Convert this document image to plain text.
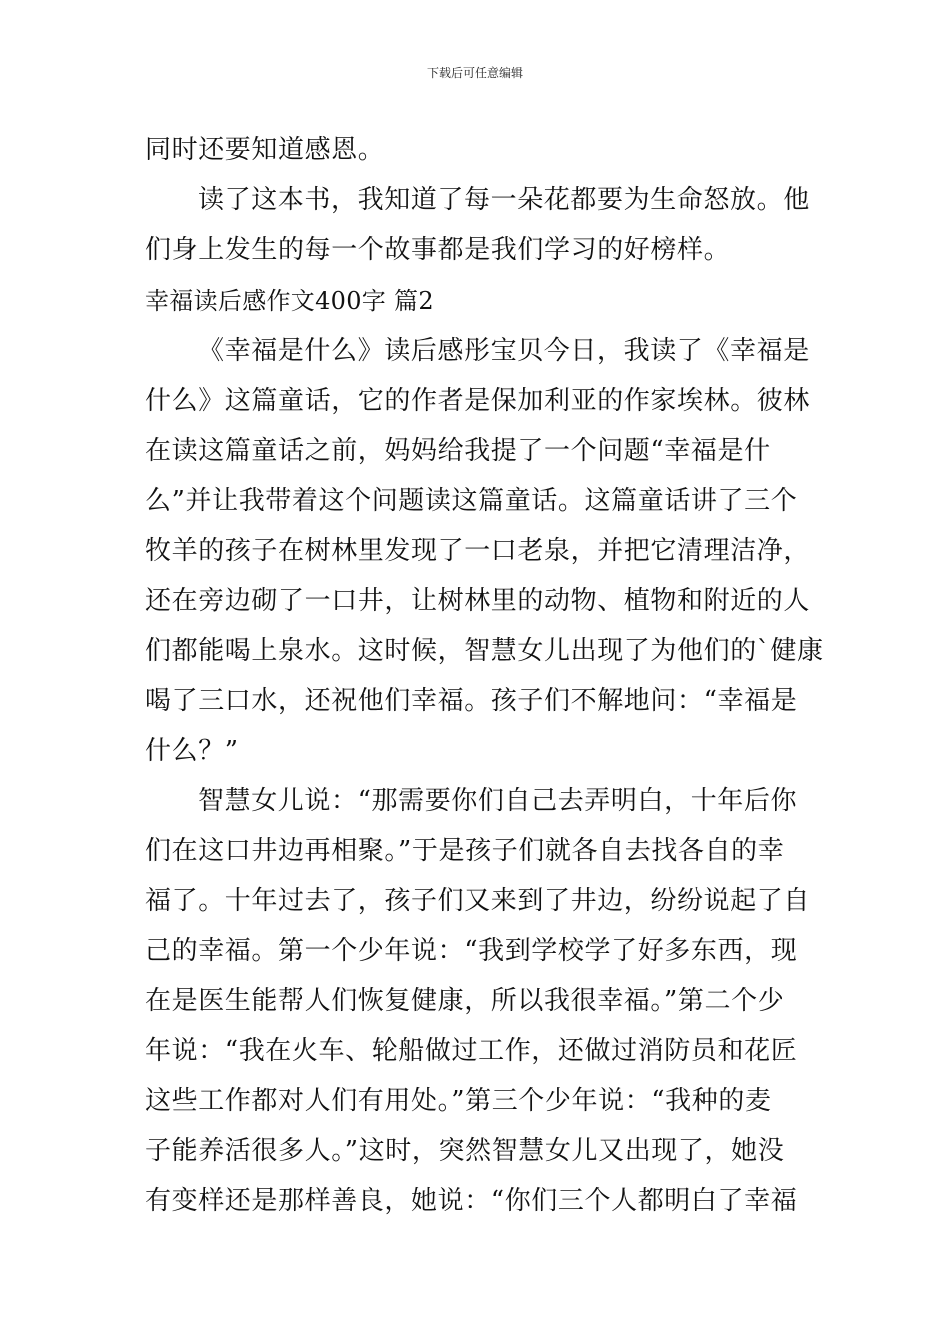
下载后可任意编辑
同时还要知道感恩。
读了这本书，我知道了每一朵花都要为生命怒放。他
们身上发生的每一个故事都是我们学习的好榜样。
幸福读后感作文400字 篇2
《幸福是什么》读后感彤宝贝今日，我读了《幸福是
什么》这篇童话，它的作者是保加利亚的作家埃林。彼林
在读这篇童话之前，妈妈给我提了一个问题“幸福是什
么”并让我带着这个问题读这篇童话。这篇童话讲了三个
牧羊的孩子在树林里发现了一口老泉，并把它清理洁净，
还在旁边砌了一口井，让树林里的动物、植物和附近的人
们都能喝上泉水。这时候，智慧女儿出现了为他们的`健康
喝了三口水，还祝他们幸福。孩子们不解地问：“幸福是
什么？”
智慧女儿说：“那需要你们自己去弄明白，十年后你
们在这口井边再相聚。”于是孩子们就各自去找各自的幸
福了。十年过去了，孩子们又来到了井边，纷纷说起了自
己的幸福。第一个少年说：“我到学校学了好多东西，现
在是医生能帮人们恢复健康，所以我很幸福。”第二个少
年说：“我在火车、轮船做过工作，还做过消防员和花匠
这些工作都对人们有用处。”第三个少年说：“我种的麦
子能养活很多人。”这时，突然智慧女儿又出现了，她没
有变样还是那样善良，她说：“你们三个人都明白了幸福
